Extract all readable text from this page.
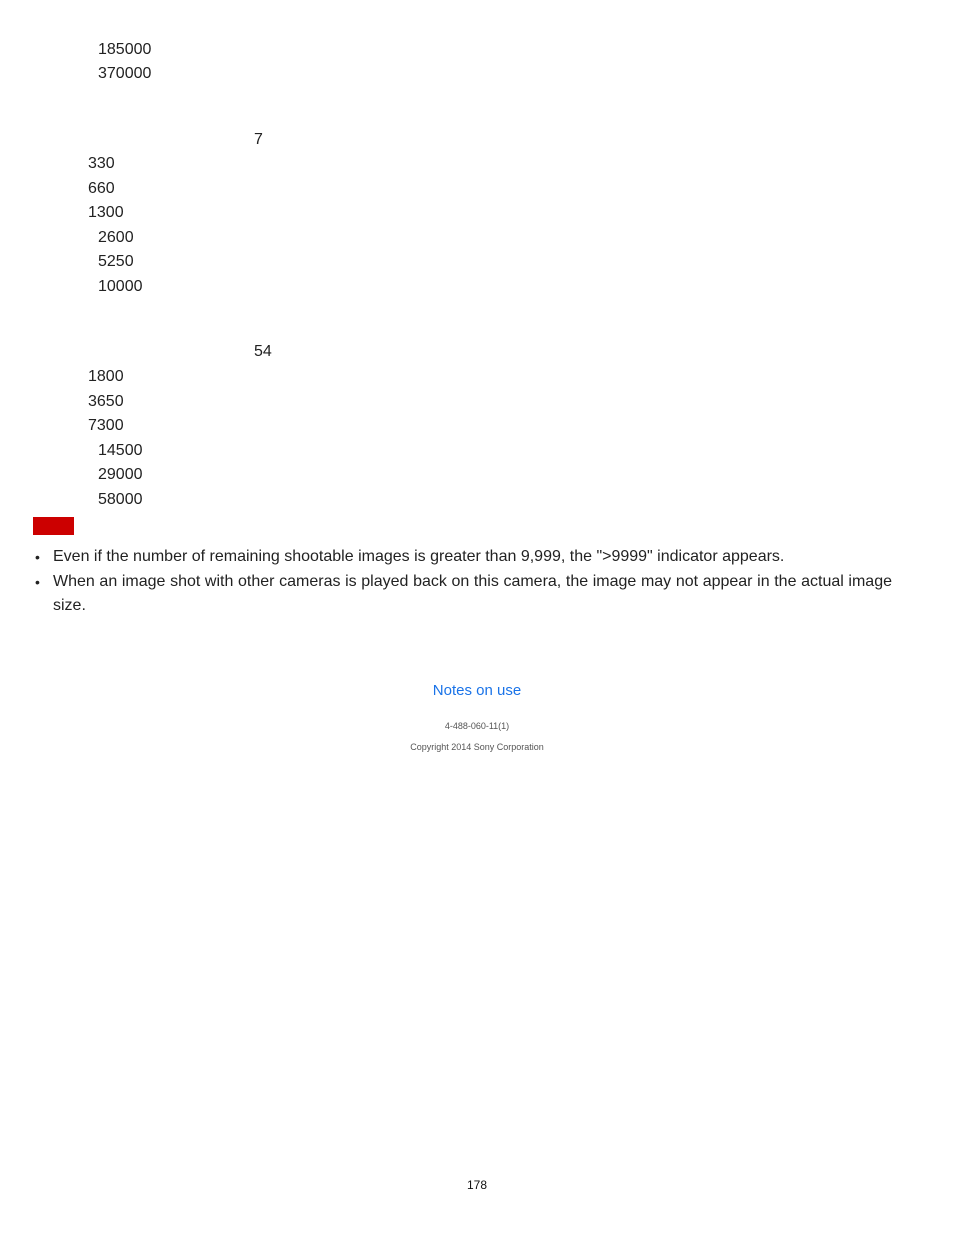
185000
370000
7
330
660
1300
2600
5250
10000
54
1800
3650
7300
14500
29000
58000
• Even if the number of remaining shootable images is greater than 9,999, the ">9999" indicator appears.
• When an image shot with other cameras is played back on this camera, the image may not appear in the actual image size.
Notes on use
4-488-060-11(1)
Copyright 2014 Sony Corporation
178
